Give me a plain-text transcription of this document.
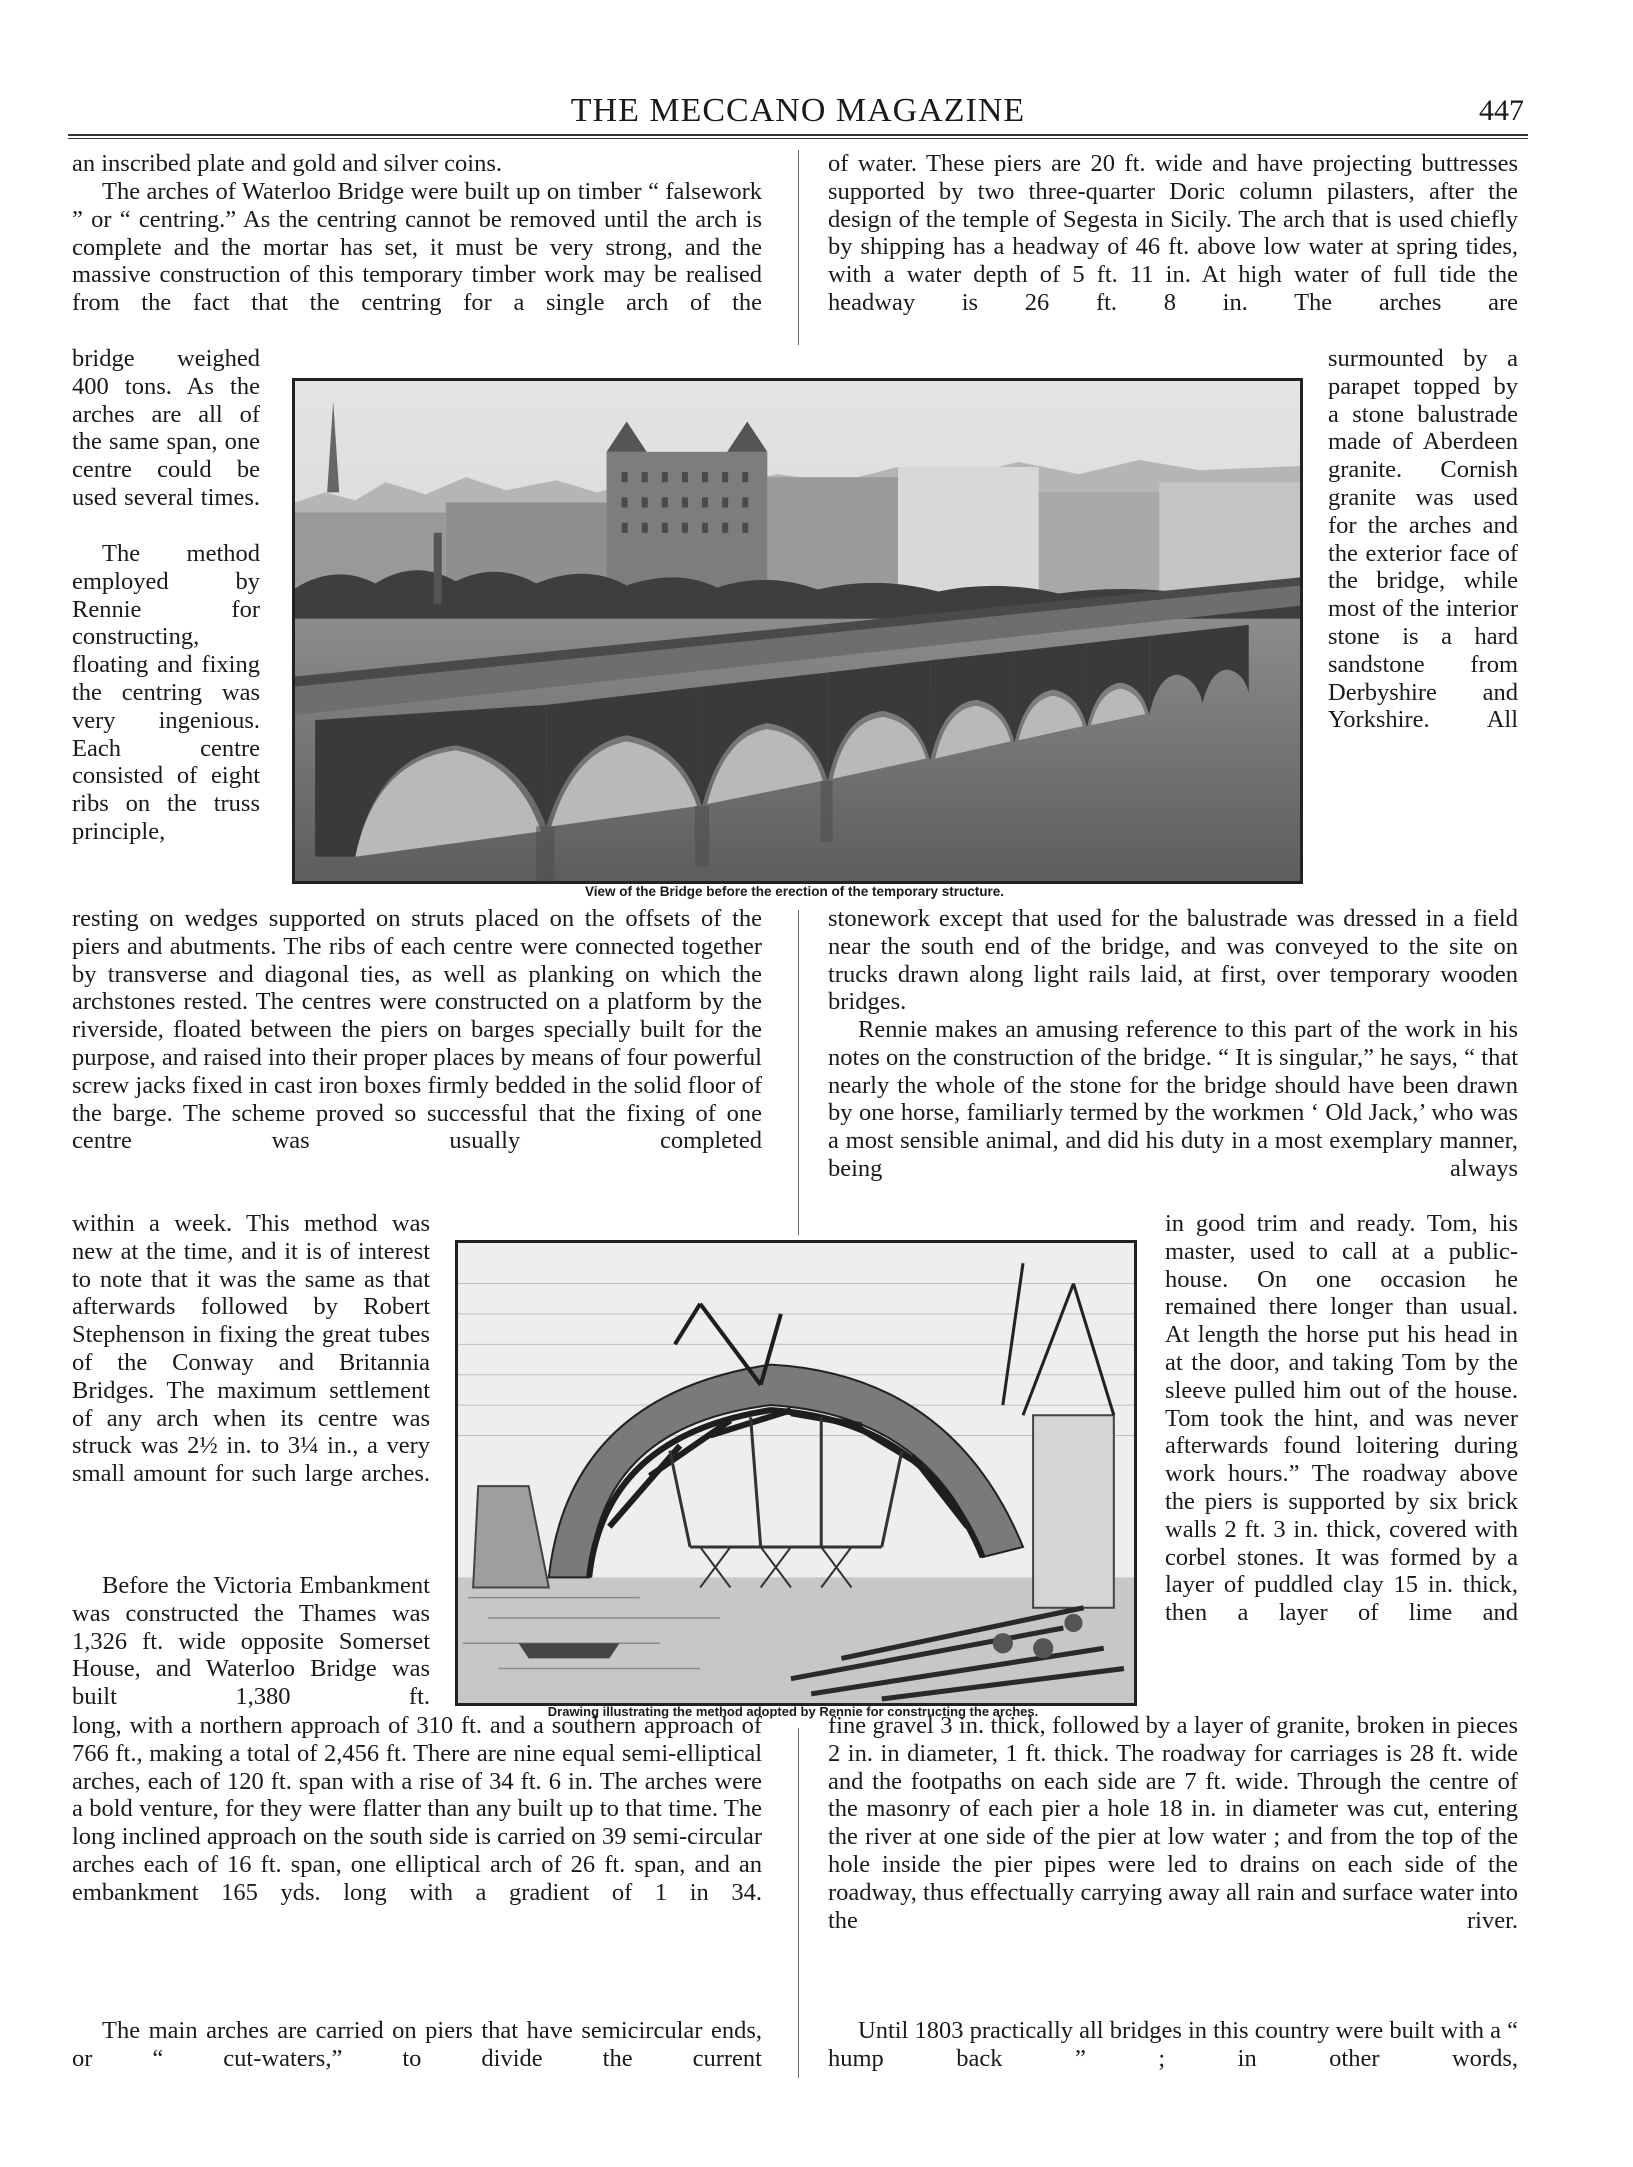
THE MECCANO MAGAZINE	447

an inscribed plate and gold and silver coins.

The arches of Waterloo Bridge were built up on timber “ falsework ” or “ centring.” As the centring cannot be removed until the arch is complete and the mortar has set, it must be very strong, and the massive construction of this temporary timber work may be realised from the fact that the centring for a single arch of the

bridge weighed 400 tons. As the arches are all of the same span, one centre could be used several times.

The method employed by Rennie for constructing, floating and fixing the centring was very ingenious. Each centre consisted of eight ribs on the truss principle,

resting on wedges supported on struts placed on the offsets of the piers and abutments. The ribs of each centre were connected together by transverse and diagonal ties, as well as planking on which the archstones rested. The centres were constructed on a platform by the riverside, floated between the piers on barges specially built for the purpose, and raised into their proper places by means of four powerful screw jacks fixed in cast iron boxes firmly bedded in the solid floor of the barge. The scheme proved so successful that the fixing of one centre was usually completed

within a week. This method was new at the time, and it is of interest to note that it was the same as that afterwards followed by Robert Stephenson in fixing the great tubes of the Conway and Britannia Bridges. The maximum settlement of any arch when its centre was struck was 2½ in. to 3¼ in., a very small amount for such large arches.

Before the Victoria Embankment was constructed the Thames was 1,326 ft. wide opposite Somerset House, and Waterloo Bridge was built 1,380 ft.

long, with a northern approach of 310 ft. and a southern approach of 766 ft., making a total of 2,456 ft. There are nine equal semi-elliptical arches, each of 120 ft. span with a rise of 34 ft. 6 in. The arches were a bold venture, for they were flatter than any built up to that time. The long inclined approach on the south side is carried on 39 semi-circular arches each of 16 ft. span, one elliptical arch of 26 ft. span, and an embankment 165 yds. long with a gradient of 1 in 34.

The main arches are carried on piers that have semicircular ends, or “ cut-waters,” to divide the current

of water. These piers are 20 ft. wide and have projecting buttresses supported by two three-quarter Doric column pilasters, after the design of the temple of Segesta in Sicily. The arch that is used chiefly by shipping has a headway of 46 ft. above low water at spring tides, with a water depth of 5 ft. 11 in. At high water of full tide the headway is 26 ft. 8 in. The arches are

surmounted by a parapet topped by a stone balustrade made of Aberdeen granite. Cornish granite was used for the arches and the exterior face of the bridge, while most of the interior stone is a hard sandstone from Derbyshire and Yorkshire. All

stonework except that used for the balustrade was dressed in a field near the south end of the bridge, and was conveyed to the site on trucks drawn along light rails laid, at first, over temporary wooden bridges.

Rennie makes an amusing reference to this part of the work in his notes on the construction of the bridge. “ It is singular,” he says, “ that nearly the whole of the stone for the bridge should have been drawn by one horse, familiarly termed by the workmen ‘ Old Jack,’ who was a most sensible animal, and did his duty in a most exemplary manner, being always

in good trim and ready. Tom, his master, used to call at a public-house. On one occasion he remained there longer than usual. At length the horse put his head in at the door, and taking Tom by the sleeve pulled him out of the house. Tom took the hint, and was never afterwards found loitering during work hours.” The roadway above the piers is supported by six brick walls 2 ft. 3 in. thick, covered with corbel stones. It was formed by a layer of puddled clay 15 in. thick, then a layer of lime and

fine gravel 3 in. thick, followed by a layer of granite, broken in pieces 2 in. in diameter, 1 ft. thick. The roadway for carriages is 28 ft. wide and the footpaths on each side are 7 ft. wide. Through the centre of the masonry of each pier a hole 18 in. in diameter was cut, entering the river at one side of the pier at low water ; and from the top of the hole inside the pier pipes were led to drains on each side of the roadway, thus effectually carrying away all rain and surface water into the river.

Until 1803 practically all bridges in this country were built with a “ hump back ” ; in other words,

View of the Bridge before the erection of the temporary structure.
Drawing illustrating the method adopted by Rennie for constructing the arches.
